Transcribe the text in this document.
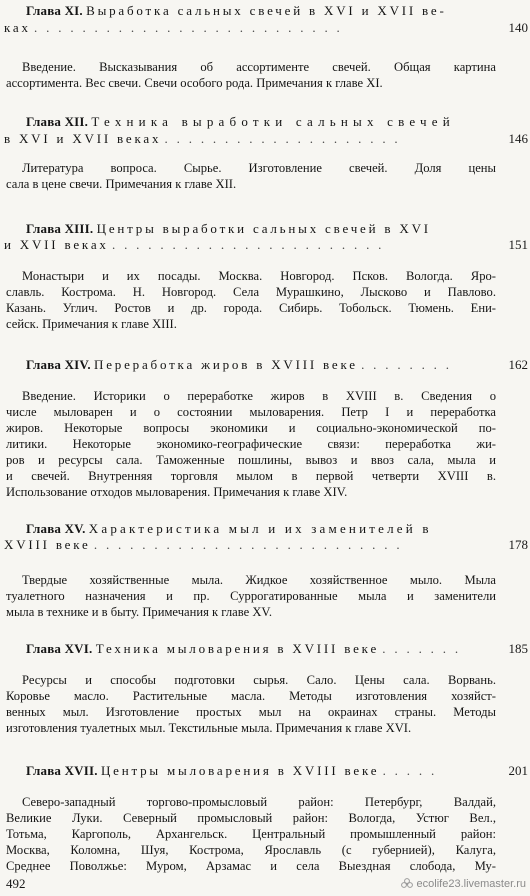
Глава XI. Выработка сальных свечей в XVI и XVII ве-
ках . . . . . . . . . . . . . . . . . . . . . . . . . .	140
Введение. Высказывания об ассортименте свечей. Общая картина
ассортимента. Вес свечи. Свечи особого рода. Примечания к главе XI.
Глава XII. Техника выработки сальных свечей
в XVI и XVII веках . . . . . . . . . . . . . . . . . . . .	146
Литература вопроса. Сырье. Изготовление свечей. Доля цены
сала в цене свечи. Примечания к главе XII.
Глава XIII. Центры выработки сальных свечей в XVI
и XVII веках . . . . . . . . . . . . . . . . . . . . . . .	151
Монастыри и их посады. Москва. Новгород. Псков. Вологда. Яро-
славль. Кострома. Н. Новгород. Села Мурашкино, Лысково и Павлово.
Казань. Углич. Ростов и др. города. Сибирь. Тобольск. Тюмень. Ени-
сейск. Примечания к главе XIII.
Глава XIV. Переработка жиров в XVIII веке . . . . . . . .	162
Введение. Историки о переработке жиров в XVIII в. Сведения о
числе мыловарен и о состоянии мыловарения. Петр I и переработка
жиров. Некоторые вопросы экономики и социально-экономической по-
литики. Некоторые экономико-географические связи: переработка жи-
ров и ресурсы сала. Таможенные пошлины, вывоз и ввоз сала, мыла и
и свечей. Внутренняя торговля мылом в первой четверти XVIII в.
Использование отходов мыловарения. Примечания к главе XIV.
Глава XV. Характеристика мыл и их заменителей в
XVIII веке . . . . . . . . . . . . . . . . . . . . . . . . . .	178
Твердые хозяйственные мыла. Жидкое хозяйственное мыло. Мыла
туалетного назначения и пр. Суррогатированные мыла и заменители
мыла в технике и в быту. Примечания к главе XV.
Глава XVI. Техника мыловарения в XVIII веке . . . . . . .	185
Ресурсы и способы подготовки сырья. Сало. Цены сала. Ворвань.
Коровье масло. Растительные масла. Методы изготовления хозяйст-
венных мыл. Изготовление простых мыл на окраинах страны. Методы
изготовления туалетных мыл. Текстильные мыла. Примечания к главе XVI.
Глава XVII. Центры мыловарения в XVIII веке . . . . .	201
Северо-западный торгово-промысловый район: Петербург, Валдай,
Великие Луки. Северный промысловый район: Вологда, Устюг Вел.,
Тотьма, Каргополь, Архангельск. Центральный промышленный район:
Москва, Коломна, Шуя, Кострома, Ярославль (с губернией), Калуга,
Среднее Поволжье: Муром, Арзамас и села Выездная слобода, Му-
492	ecolife23.livemaster.ru
